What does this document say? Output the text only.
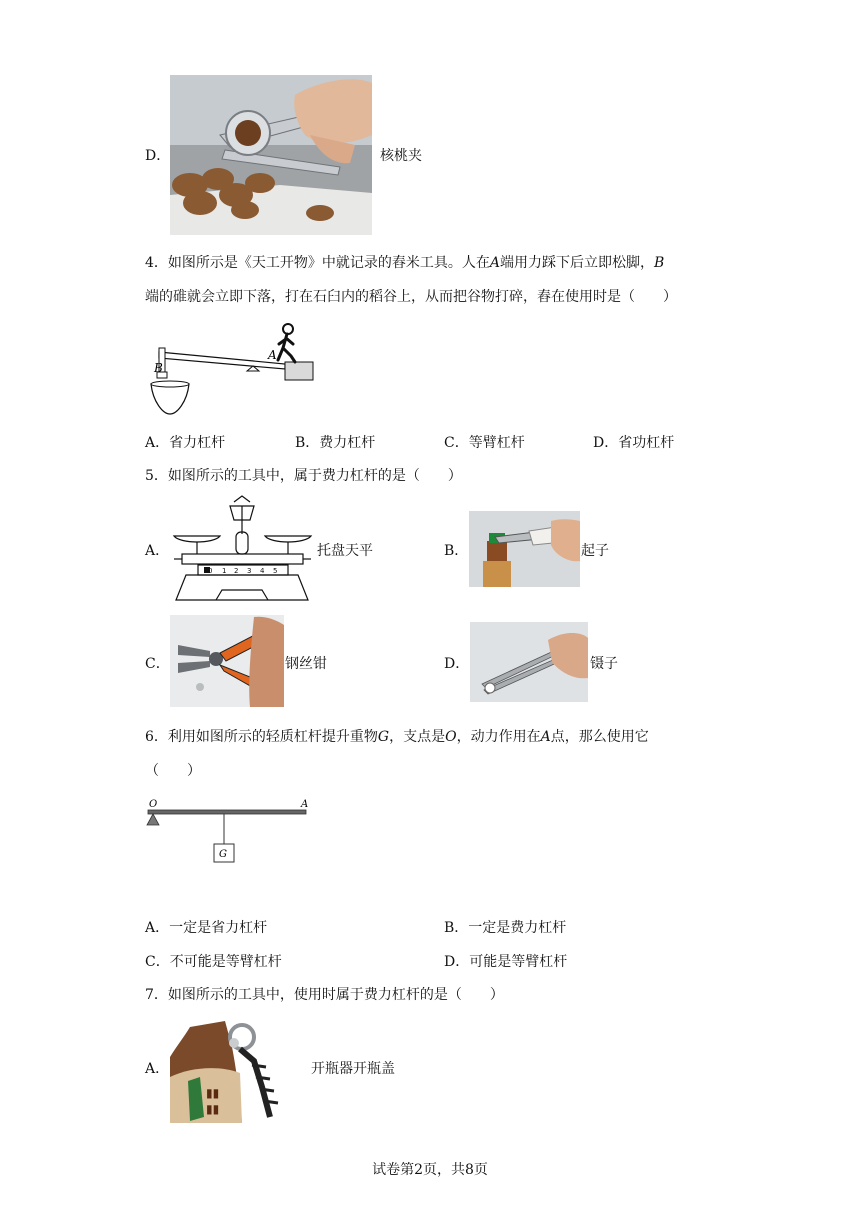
D．	核桃夹
4．如图所示是《天工开物》中就记录的舂米工具。人在A端用力踩下后立即松脚，B
端的碓就会立即下落，打在石臼内的稻谷上，从而把谷物打碎，舂在使用时是（　　）
B
A
A．省力杠杆	B．费力杠杆	C．等臂杠杆	D．省功杠杆
5．如图所示的工具中，属于费力杠杆的是（　　）
A．
0 1 2 3 4 5
托盘天平	B．	起子
C．	钢丝钳	D．	镊子
6．利用如图所示的轻质杠杆提升重物G，支点是O，动力作用在A点，那么使用它
（　　）
O	A
G
A．一定是省力杠杆	B．一定是费力杠杆
C．不可能是等臂杠杆	D．可能是等臂杠杆
7．如图所示的工具中，使用时属于费力杠杆的是（　　）
A．
▮▮
▮▮
开瓶器开瓶盖
试卷第2页，共8页
